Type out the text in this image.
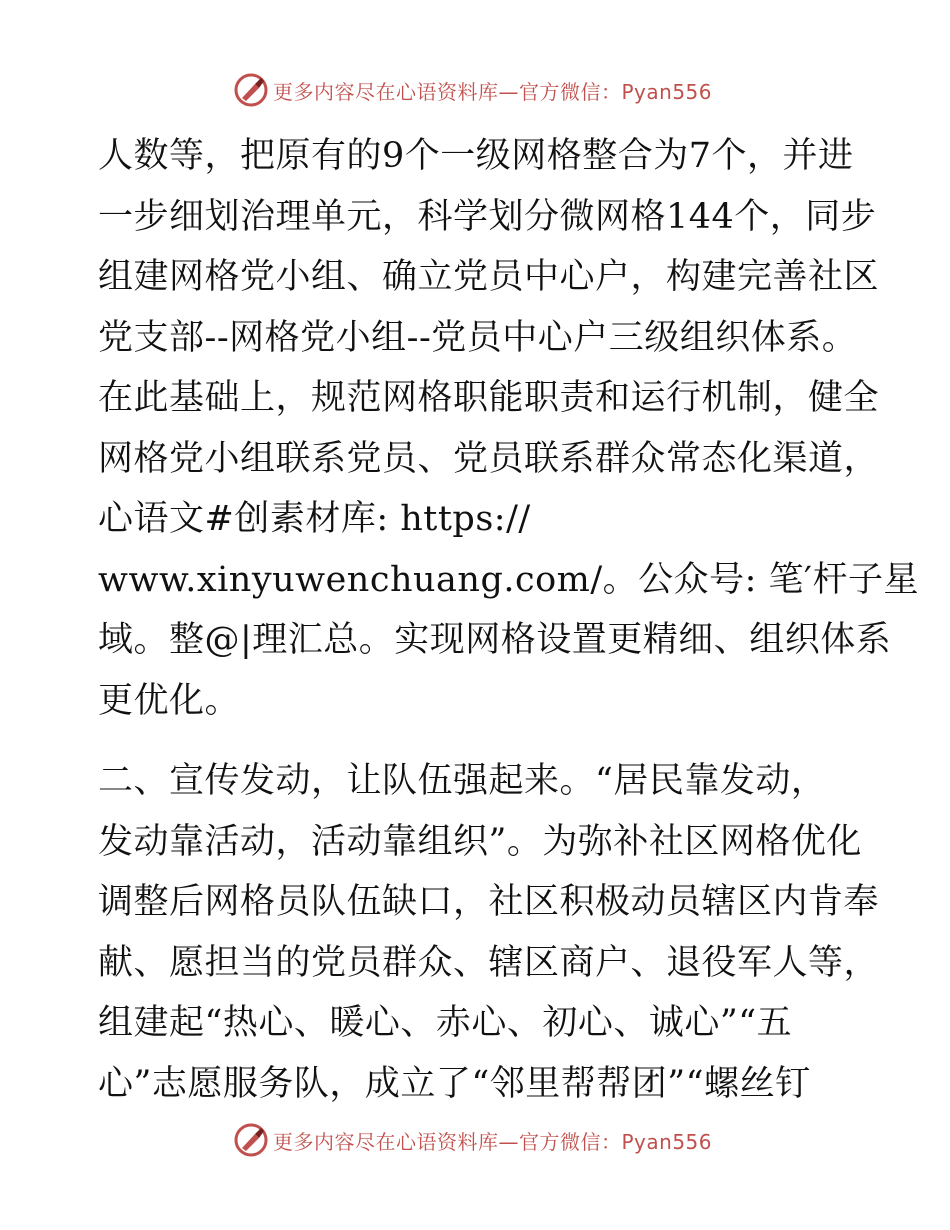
更多内容尽在心语资料库—官方微信：Pyan556
人数等，把原有的9个一级网格整合为7个，并进
一步细划治理单元，科学划分微网格144个，同步
组建网格党小组、确立党员中心户，构建完善社区
党支部--网格党小组--党员中心户三级组织体系。
在此基础上，规范网格职能职责和运行机制，健全
网格党小组联系党员、党员联系群众常态化渠道，
心语文#创素材库: https://
www.xinyuwenchuang.com/。公众号: 笔′杆子星
域。整@|理汇总。实现网格设置更精细、组织体系
更优化。
二、宣传发动，让队伍强起来。“居民靠发动，
发动靠活动，活动靠组织”。为弥补社区网格优化
调整后网格员队伍缺口，社区积极动员辖区内肯奉
献、愿担当的党员群众、辖区商户、退役军人等，
组建起“热心、暖心、赤心、初心、诚心”“五
心”志愿服务队，成立了“邻里帮帮团”“螺丝钉
更多内容尽在心语资料库—官方微信：Pyan556
